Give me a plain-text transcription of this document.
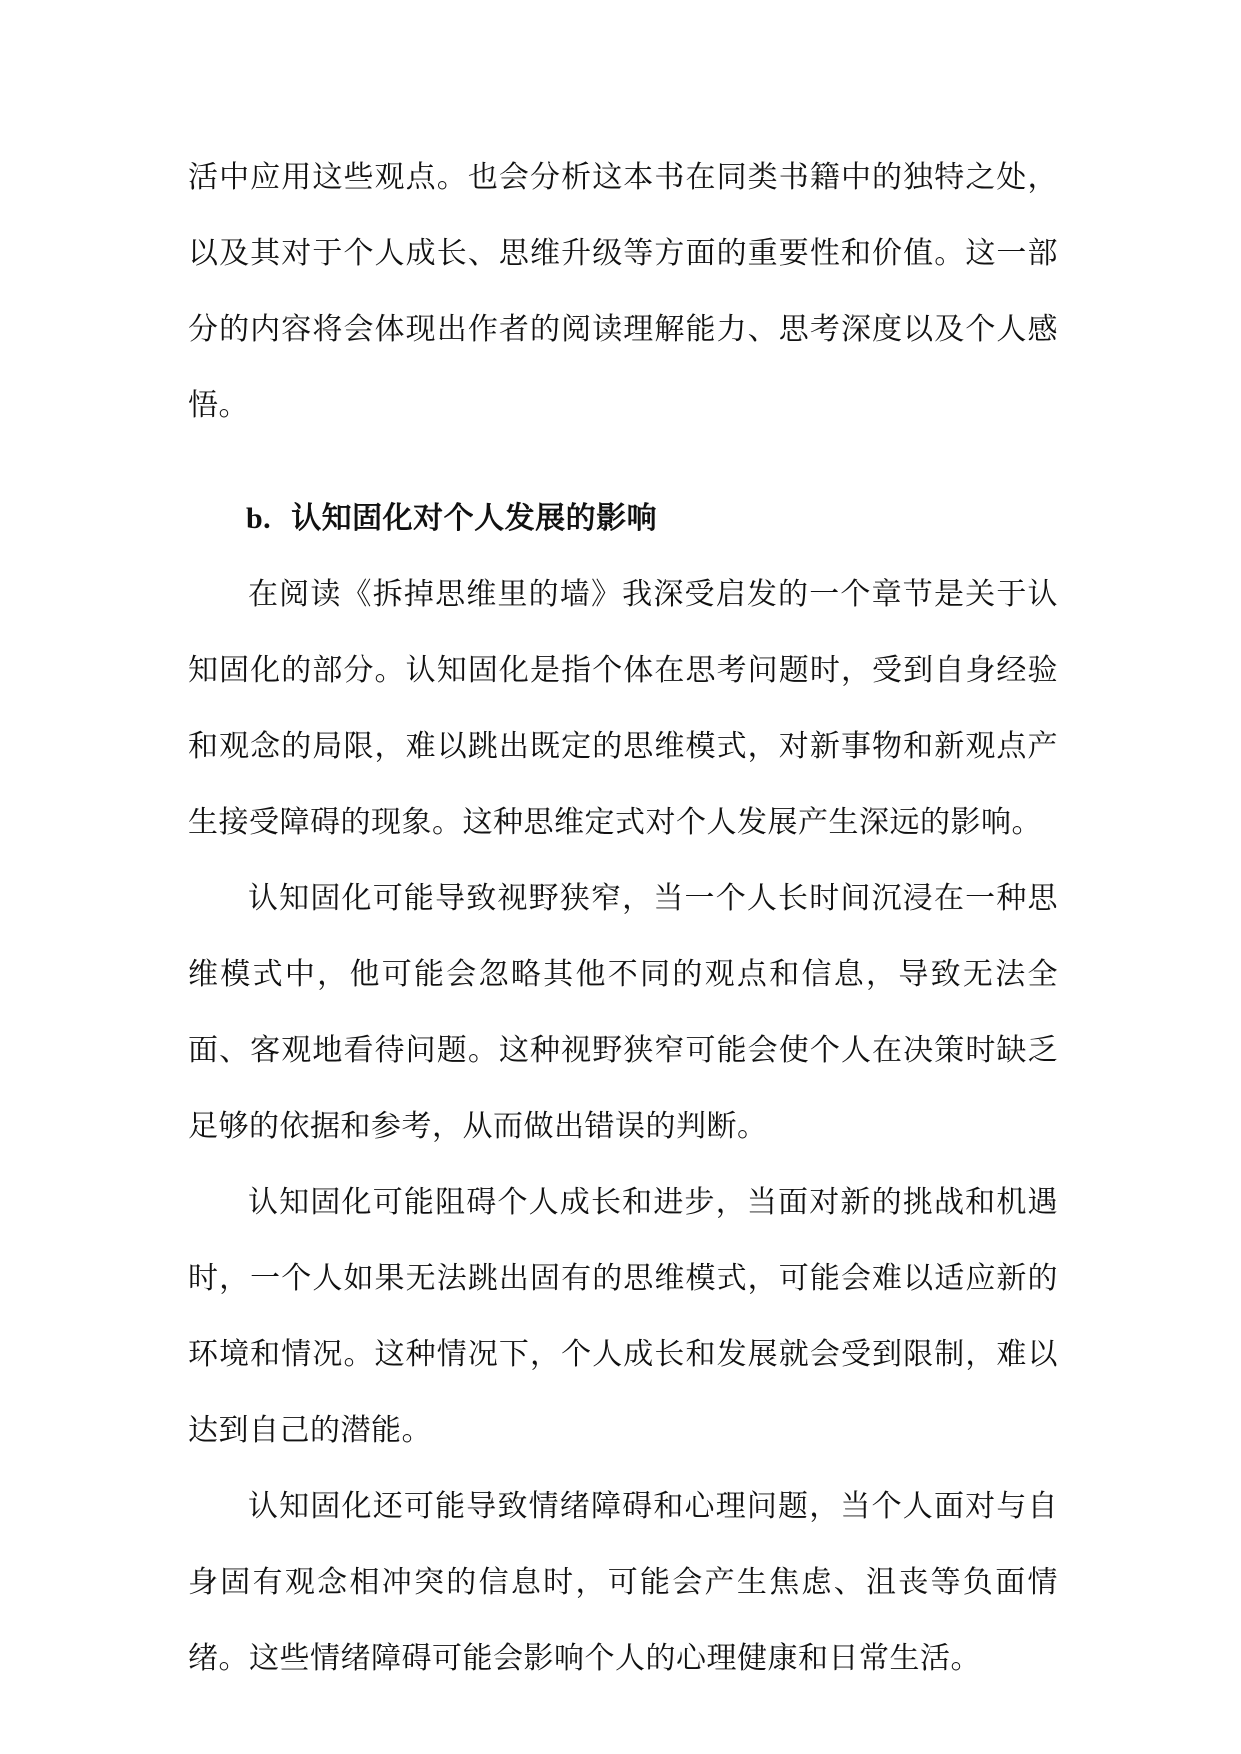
活中应用这些观点。也会分析这本书在同类书籍中的独特之处，以及其对于个人成长、思维升级等方面的重要性和价值。这一部分的内容将会体现出作者的阅读理解能力、思考深度以及个人感悟。

b. 认知固化对个人发展的影响

在阅读《拆掉思维里的墙》我深受启发的一个章节是关于认知固化的部分。认知固化是指个体在思考问题时，受到自身经验和观念的局限，难以跳出既定的思维模式，对新事物和新观点产生接受障碍的现象。这种思维定式对个人发展产生深远的影响。

认知固化可能导致视野狭窄，当一个人长时间沉浸在一种思维模式中，他可能会忽略其他不同的观点和信息，导致无法全面、客观地看待问题。这种视野狭窄可能会使个人在决策时缺乏足够的依据和参考，从而做出错误的判断。

认知固化可能阻碍个人成长和进步，当面对新的挑战和机遇时，一个人如果无法跳出固有的思维模式，可能会难以适应新的环境和情况。这种情况下，个人成长和发展就会受到限制，难以达到自己的潜能。

认知固化还可能导致情绪障碍和心理问题，当个人面对与自身固有观念相冲突的信息时，可能会产生焦虑、沮丧等负面情绪。这些情绪障碍可能会影响个人的心理健康和日常生活。
